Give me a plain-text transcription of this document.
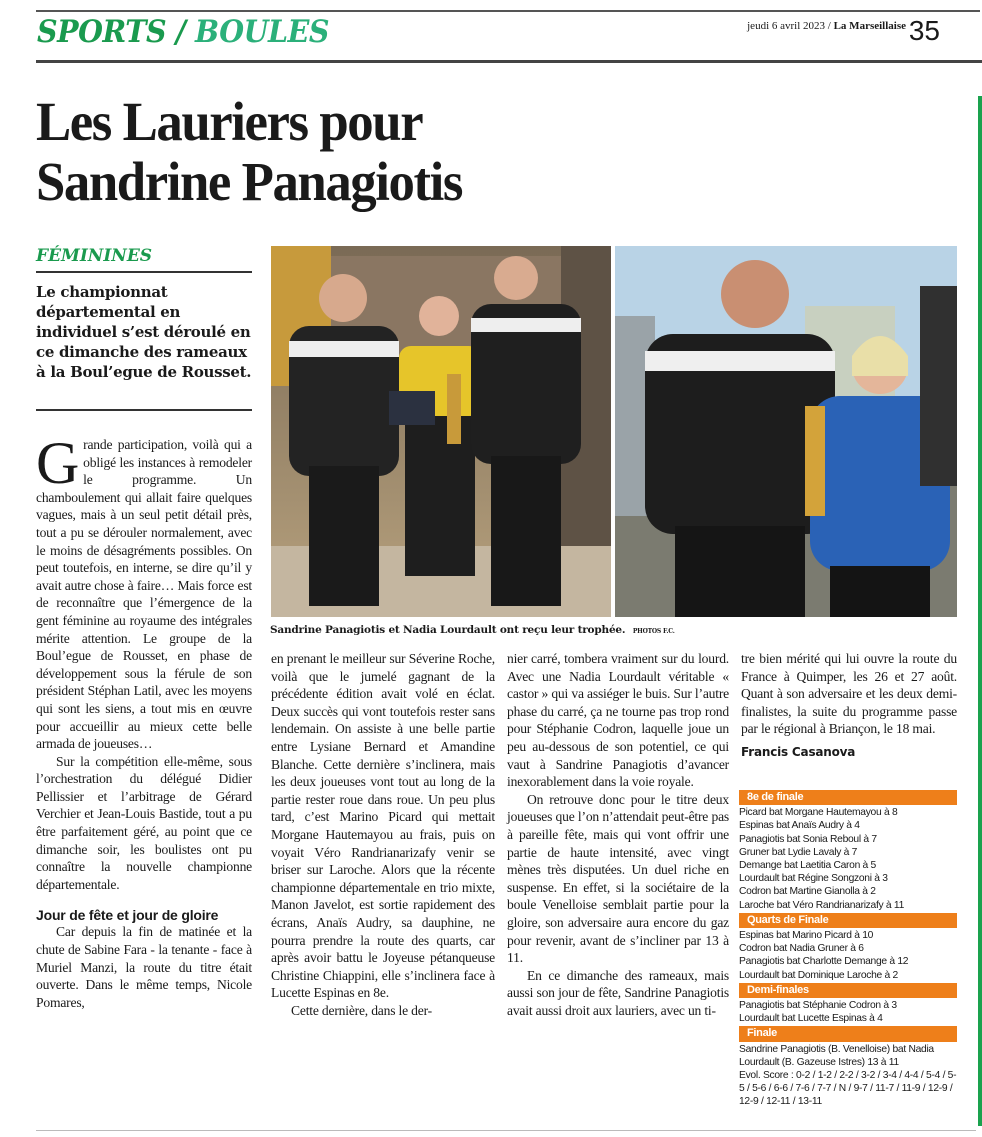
SPORTS / BOULES	jeudi 6 avril 2023 / La Marseillaise 35
Les Lauriers pour
Sandrine Panagiotis
FÉMININES
Le championnat départemental en individuel s’est déroulé en ce dimanche des rameaux à la Boul’egue de Rousset.
G rande participation, voilà qui a obligé les instances à remodeler le programme. Un chamboulement qui allait faire quelques vagues, mais à un seul petit détail près, tout a pu se dérouler normalement, avec le moins de désagréments possibles. On peut toutefois, en interne, se dire qu’il y avait autre chose à faire… Mais force est de reconnaître que l’émergence de la gent féminine au royaume des intégrales mérite attention. Le groupe de la Boul’egue de Rousset, en phase de développement sous la férule de son président Stéphan Latil, avec les moyens qui sont les siens, a tout mis en œuvre pour accueillir au mieux cette belle armada de joueuses…

Sur la compétition elle-même, sous l’orchestration du délégué Didier Pellissier et l’arbitrage de Gérard Verchier et Jean-Louis Bastide, tout a pu être parfaitement géré, au point que ce dimanche soir, les boulistes ont pu connaître la nouvelle championne départementale.

Jour de fête et jour de gloire

Car depuis la fin de matinée et la chute de Sabine Fara - la tenante - face à Muriel Manzi, la route du titre était ouverte. Dans le même temps, Nicole Pomares,

Sandrine Panagiotis et Nadia Lourdault ont reçu leur trophée. PHOTOS F.C.

en prenant le meilleur sur Séverine Roche, voilà que le jumelé gagnant de la précédente édition avait volé en éclat. Deux succès qui vont toutefois rester sans lendemain. On assiste à une belle partie entre Lysiane Bernard et Amandine Blanche. Cette dernière s’inclinera, mais les deux joueuses vont tout au long de la partie rester roue dans roue. Un peu plus tard, c’est Marino Picard qui mettait Morgane Hautemayou au frais, puis on voyait Véro Randrianarizafy venir se briser sur Laroche. Alors que la récente championne départementale en trio mixte, Manon Javelot, est sortie rapidement des écrans, Anaïs Audry, sa dauphine, ne pourra prendre la route des quarts, car après avoir battu le Joyeuse pétanqueuse Christine Chiappini, elle s’inclinera face à Lucette Espinas en 8e.

Cette dernière, dans le der-

nier carré, tombera vraiment sur du lourd. Avec une Nadia Lourdault véritable « castor » qui va assiéger le buis. Sur l’autre phase du carré, ça ne tourne pas trop rond pour Stéphanie Codron, laquelle joue un peu au-dessous de son potentiel, ce qui vaut à Sandrine Panagiotis d’avancer inexorablement dans la voie royale.

On retrouve donc pour le titre deux joueuses que l’on n’attendait peut-être pas à pareille fête, mais qui vont offrir une partie de haute intensité, avec vingt mènes très disputées. Un duel riche en suspense. En effet, si la sociétaire de la boule Venelloise semblait partie pour la gloire, son adversaire aura encore du gaz pour revenir, avant de s’incliner par 13 à 11.

En ce dimanche des rameaux, mais aussi son jour de fête, Sandrine Panagiotis avait aussi droit aux lauriers, avec un ti-

tre bien mérité qui lui ouvre la route du France à Quimper, les 26 et 27 août. Quant à son adversaire et les deux demi-finalistes, la suite du programme passe par le régional à Briançon, le 18 mai.

Francis Casanova
8e de finale
Picard bat Morgane Hautemayou à 8
Espinas bat Anaïs Audry à 4
Panagiotis bat Sonia Reboul à 7
Gruner bat Lydie Lavaly à 7
Demange bat Laetitia Caron à 5
Lourdault bat Régine Songzoni à 3
Codron bat Martine Gianolla à 2
Laroche bat Véro Randrianarizafy à 11
Quarts de Finale
Espinas bat Marino Picard à 10
Codron bat Nadia Gruner à 6
Panagiotis bat Charlotte Demange à 12
Lourdault bat Dominique Laroche à 2
Demi-finales
Panagiotis bat Stéphanie Codron à 3
Lourdault bat Lucette Espinas à 4
Finale
Sandrine Panagiotis (B. Venelloise) bat Nadia Lourdault (B. Gazeuse Istres) 13 à 11
Evol. Score : 0-2 / 1-2 / 2-2 / 3-2 / 3-4 / 4-4 / 5-4 / 5-5 / 5-6 / 6-6 / 7-6 / 7-7 / N / 9-7 / 11-7 / 11-9 / 12-9 / 12-9 / 12-11 / 13-11
